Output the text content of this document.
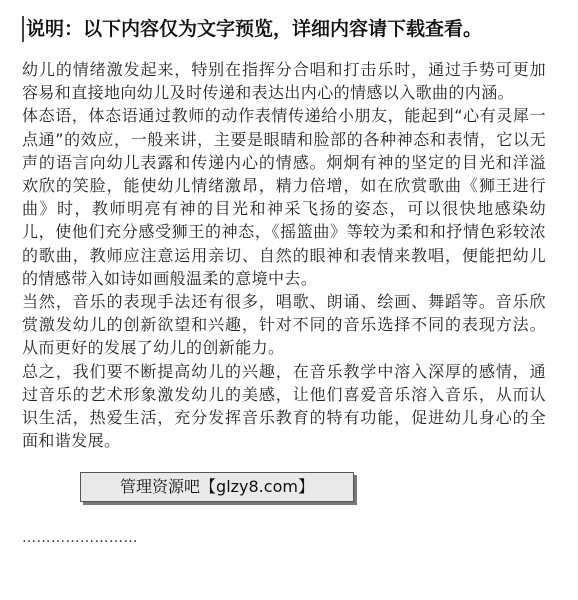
说明：以下内容仅为文字预览，详细内容请下载查看。

幼儿的情绪激发起来，特别在指挥分合唱和打击乐时，通过手势可更加容易和直接地向幼儿及时传递和表达出内心的情感以入歌曲的内涵。

体态语，体态语通过教师的动作表情传递给小朋友，能起到“心有灵犀一点通”的效应，一般来讲，主要是眼睛和脸部的各种神态和表情，它以无声的语言向幼儿表露和传递内心的情感。炯炯有神的坚定的目光和洋溢欢欣的笑脸，能使幼儿情绪激昂，精力倍增，如在欣赏歌曲《狮王进行曲》时，教师明亮有神的目光和神采飞扬的姿态，可以很快地感染幼儿，使他们充分感受狮王的神态，《摇篮曲》等较为柔和和抒情色彩较浓的歌曲，教师应注意运用亲切、自然的眼神和表情来教唱，便能把幼儿的情感带入如诗如画般温柔的意境中去。

当然，音乐的表现手法还有很多，唱歌、朗诵、绘画、舞蹈等。音乐欣赏激发幼儿的创新欲望和兴趣，针对不同的音乐选择不同的表现方法。从而更好的发展了幼儿的创新能力。

总之，我们要不断提高幼儿的兴趣，在音乐教学中溶入深厚的感情，通过音乐的艺术形象激发幼儿的美感，让他们喜爱音乐溶入音乐，从而认识生活，热爱生活，充分发挥音乐教育的特有功能，促进幼儿身心的全面和谐发展。

……………………
管理资源吧【glzy8.com】
